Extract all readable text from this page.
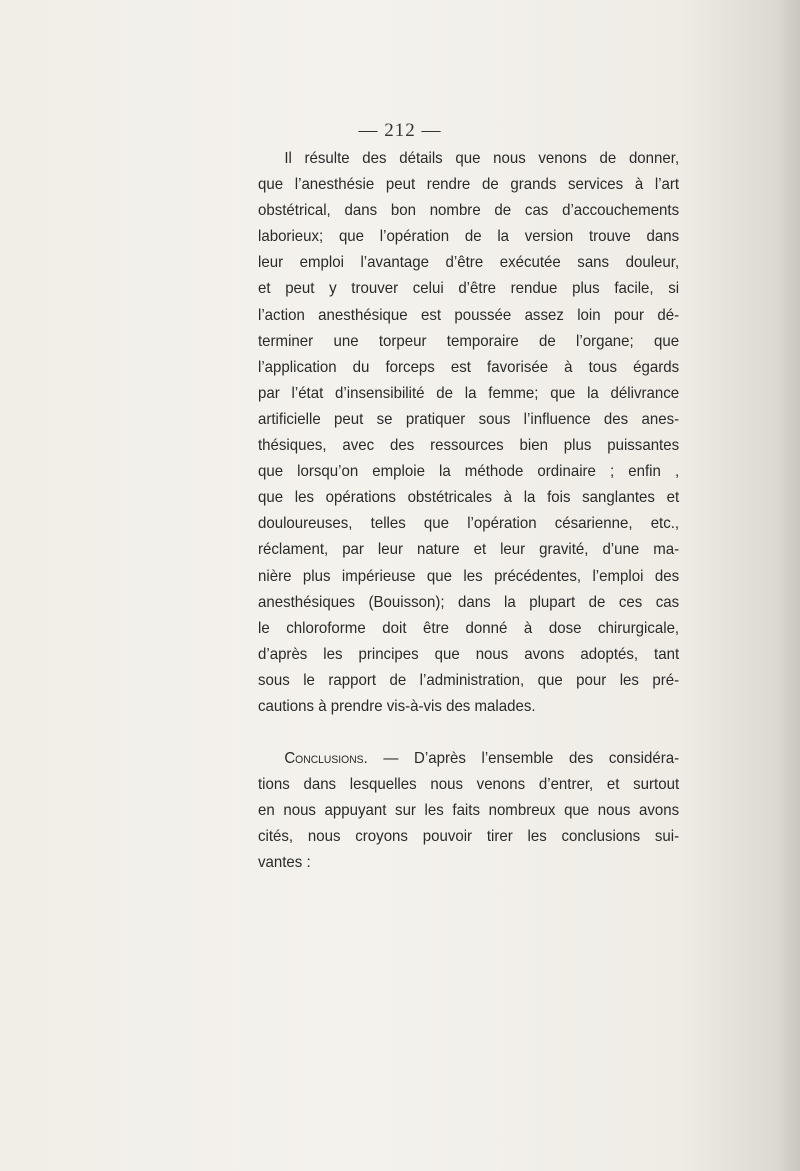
— 212 —
Il résulte des détails que nous venons de donner,
que l’anesthésie peut rendre de grands services à l’art
obstétrical, dans bon nombre de cas d’accouchements
laborieux; que l’opération de la version trouve dans
leur emploi l’avantage d’être exécutée sans douleur,
et peut y trouver celui d’être rendue plus facile, si
l’action anesthésique est poussée assez loin pour dé-
terminer une torpeur temporaire de l’organe; que
l’application du forceps est favorisée à tous égards
par l’état d’insensibilité de la femme; que la délivrance
artificielle peut se pratiquer sous l’influence des anes-
thésiques, avec des ressources bien plus puissantes
que lorsqu’on emploie la méthode ordinaire ; enfin ,
que les opérations obstétricales à la fois sanglantes et
douloureuses, telles que l’opération césarienne, etc.,
réclament, par leur nature et leur gravité, d’une ma-
nière plus impérieuse que les précédentes, l’emploi des
anesthésiques (Bouisson); dans la plupart de ces cas
le chloroforme doit être donné à dose chirurgicale,
d’après les principes que nous avons adoptés, tant
sous le rapport de l’administration, que pour les pré-
cautions à prendre vis-à-vis des malades.
Conclusions. — D’après l’ensemble des considéra-
tions dans lesquelles nous venons d’entrer, et surtout
en nous appuyant sur les faits nombreux que nous avons
cités, nous croyons pouvoir tirer les conclusions sui-
vantes :
